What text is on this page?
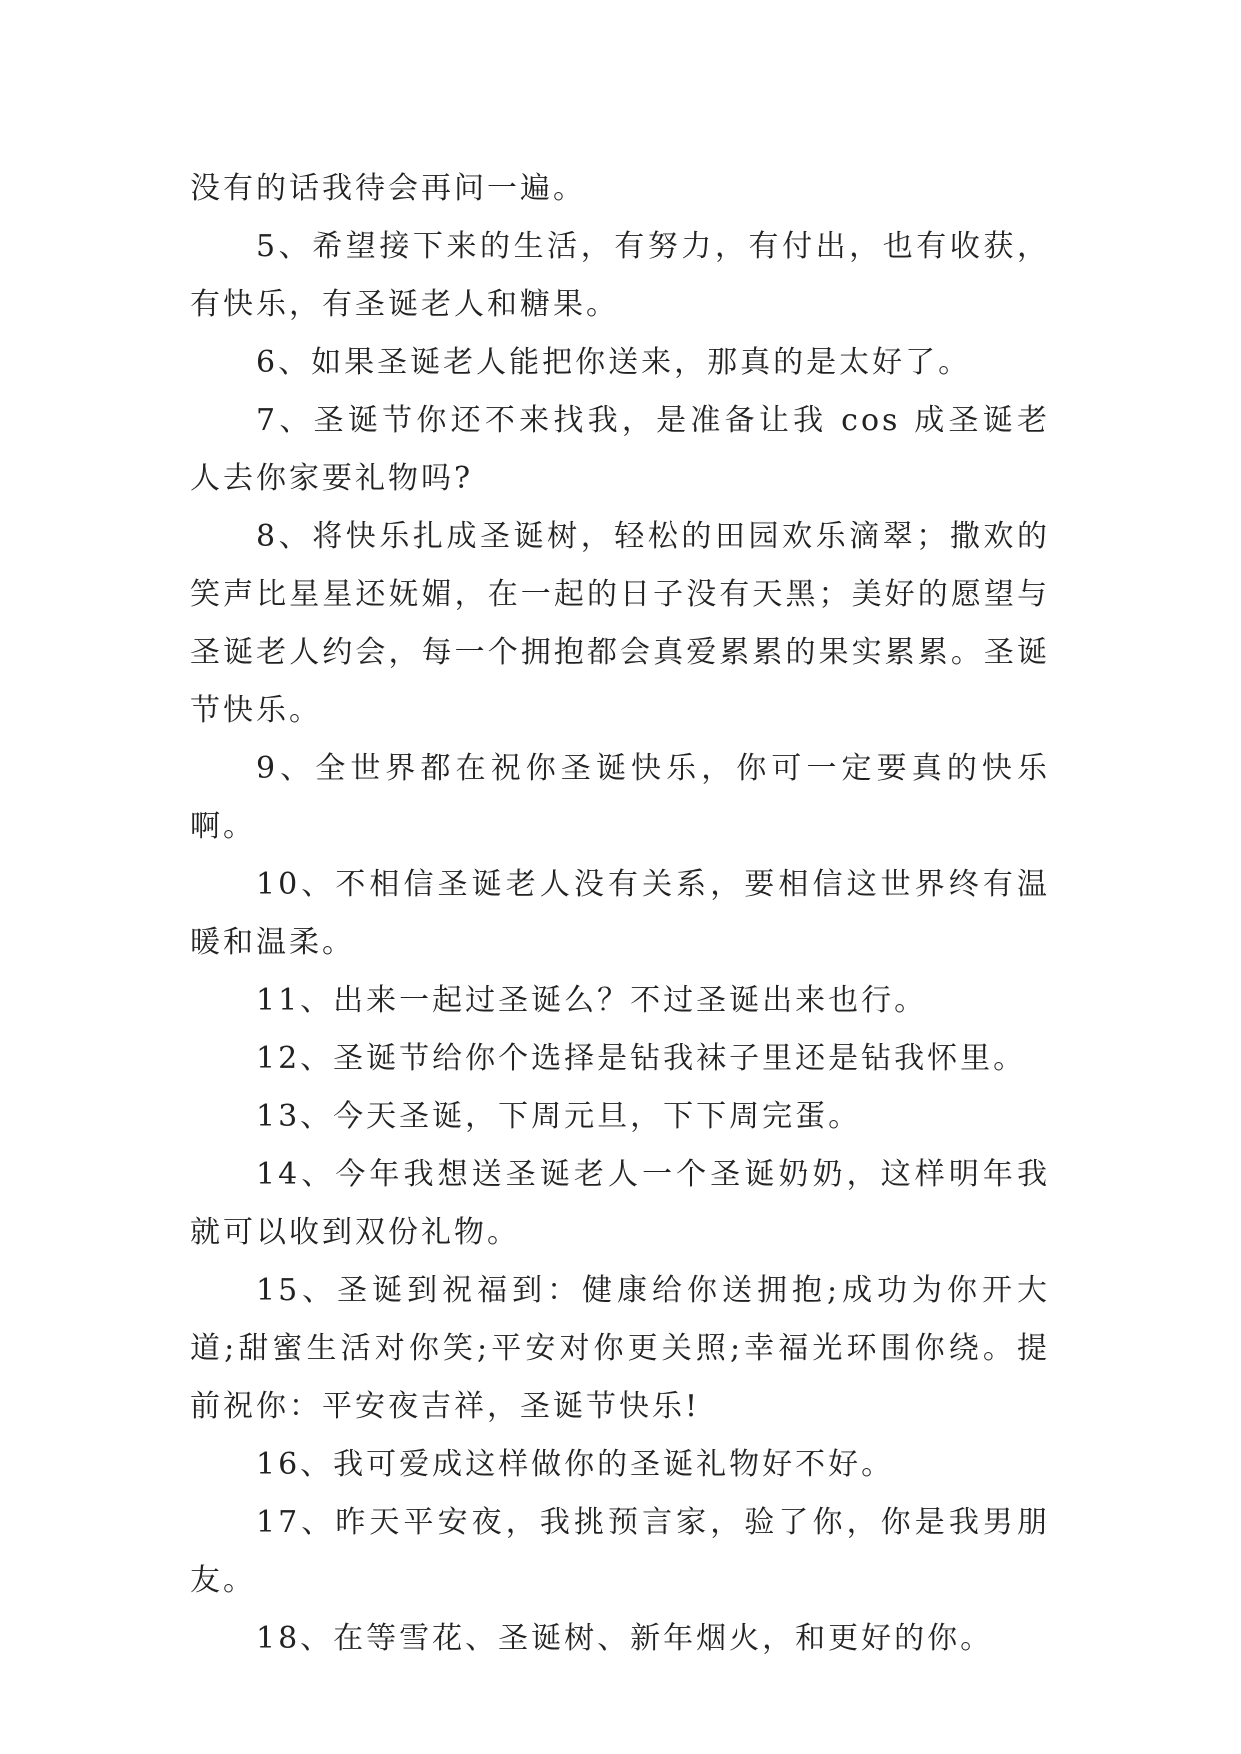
没有的话我待会再问一遍。

5、希望接下来的生活，有努力，有付出，也有收获，有快乐，有圣诞老人和糖果。

6、如果圣诞老人能把你送来，那真的是太好了。

7、圣诞节你还不来找我，是准备让我 cos 成圣诞老人去你家要礼物吗?

8、将快乐扎成圣诞树，轻松的田园欢乐滴翠；撒欢的笑声比星星还妩媚，在一起的日子没有天黑；美好的愿望与圣诞老人约会，每一个拥抱都会真爱累累的果实累累。圣诞节快乐。

9、全世界都在祝你圣诞快乐，你可一定要真的快乐啊。

10、不相信圣诞老人没有关系，要相信这世界终有温暖和温柔。

11、出来一起过圣诞么？不过圣诞出来也行。

12、圣诞节给你个选择是钻我袜子里还是钻我怀里。

13、今天圣诞，下周元旦，下下周完蛋。

14、今年我想送圣诞老人一个圣诞奶奶，这样明年我就可以收到双份礼物。

15、圣诞到祝福到：健康给你送拥抱;成功为你开大道;甜蜜生活对你笑;平安对你更关照;幸福光环围你绕。提前祝你：平安夜吉祥，圣诞节快乐!

16、我可爱成这样做你的圣诞礼物好不好。

17、昨天平安夜，我挑预言家，验了你，你是我男朋友。

18、在等雪花、圣诞树、新年烟火，和更好的你。
